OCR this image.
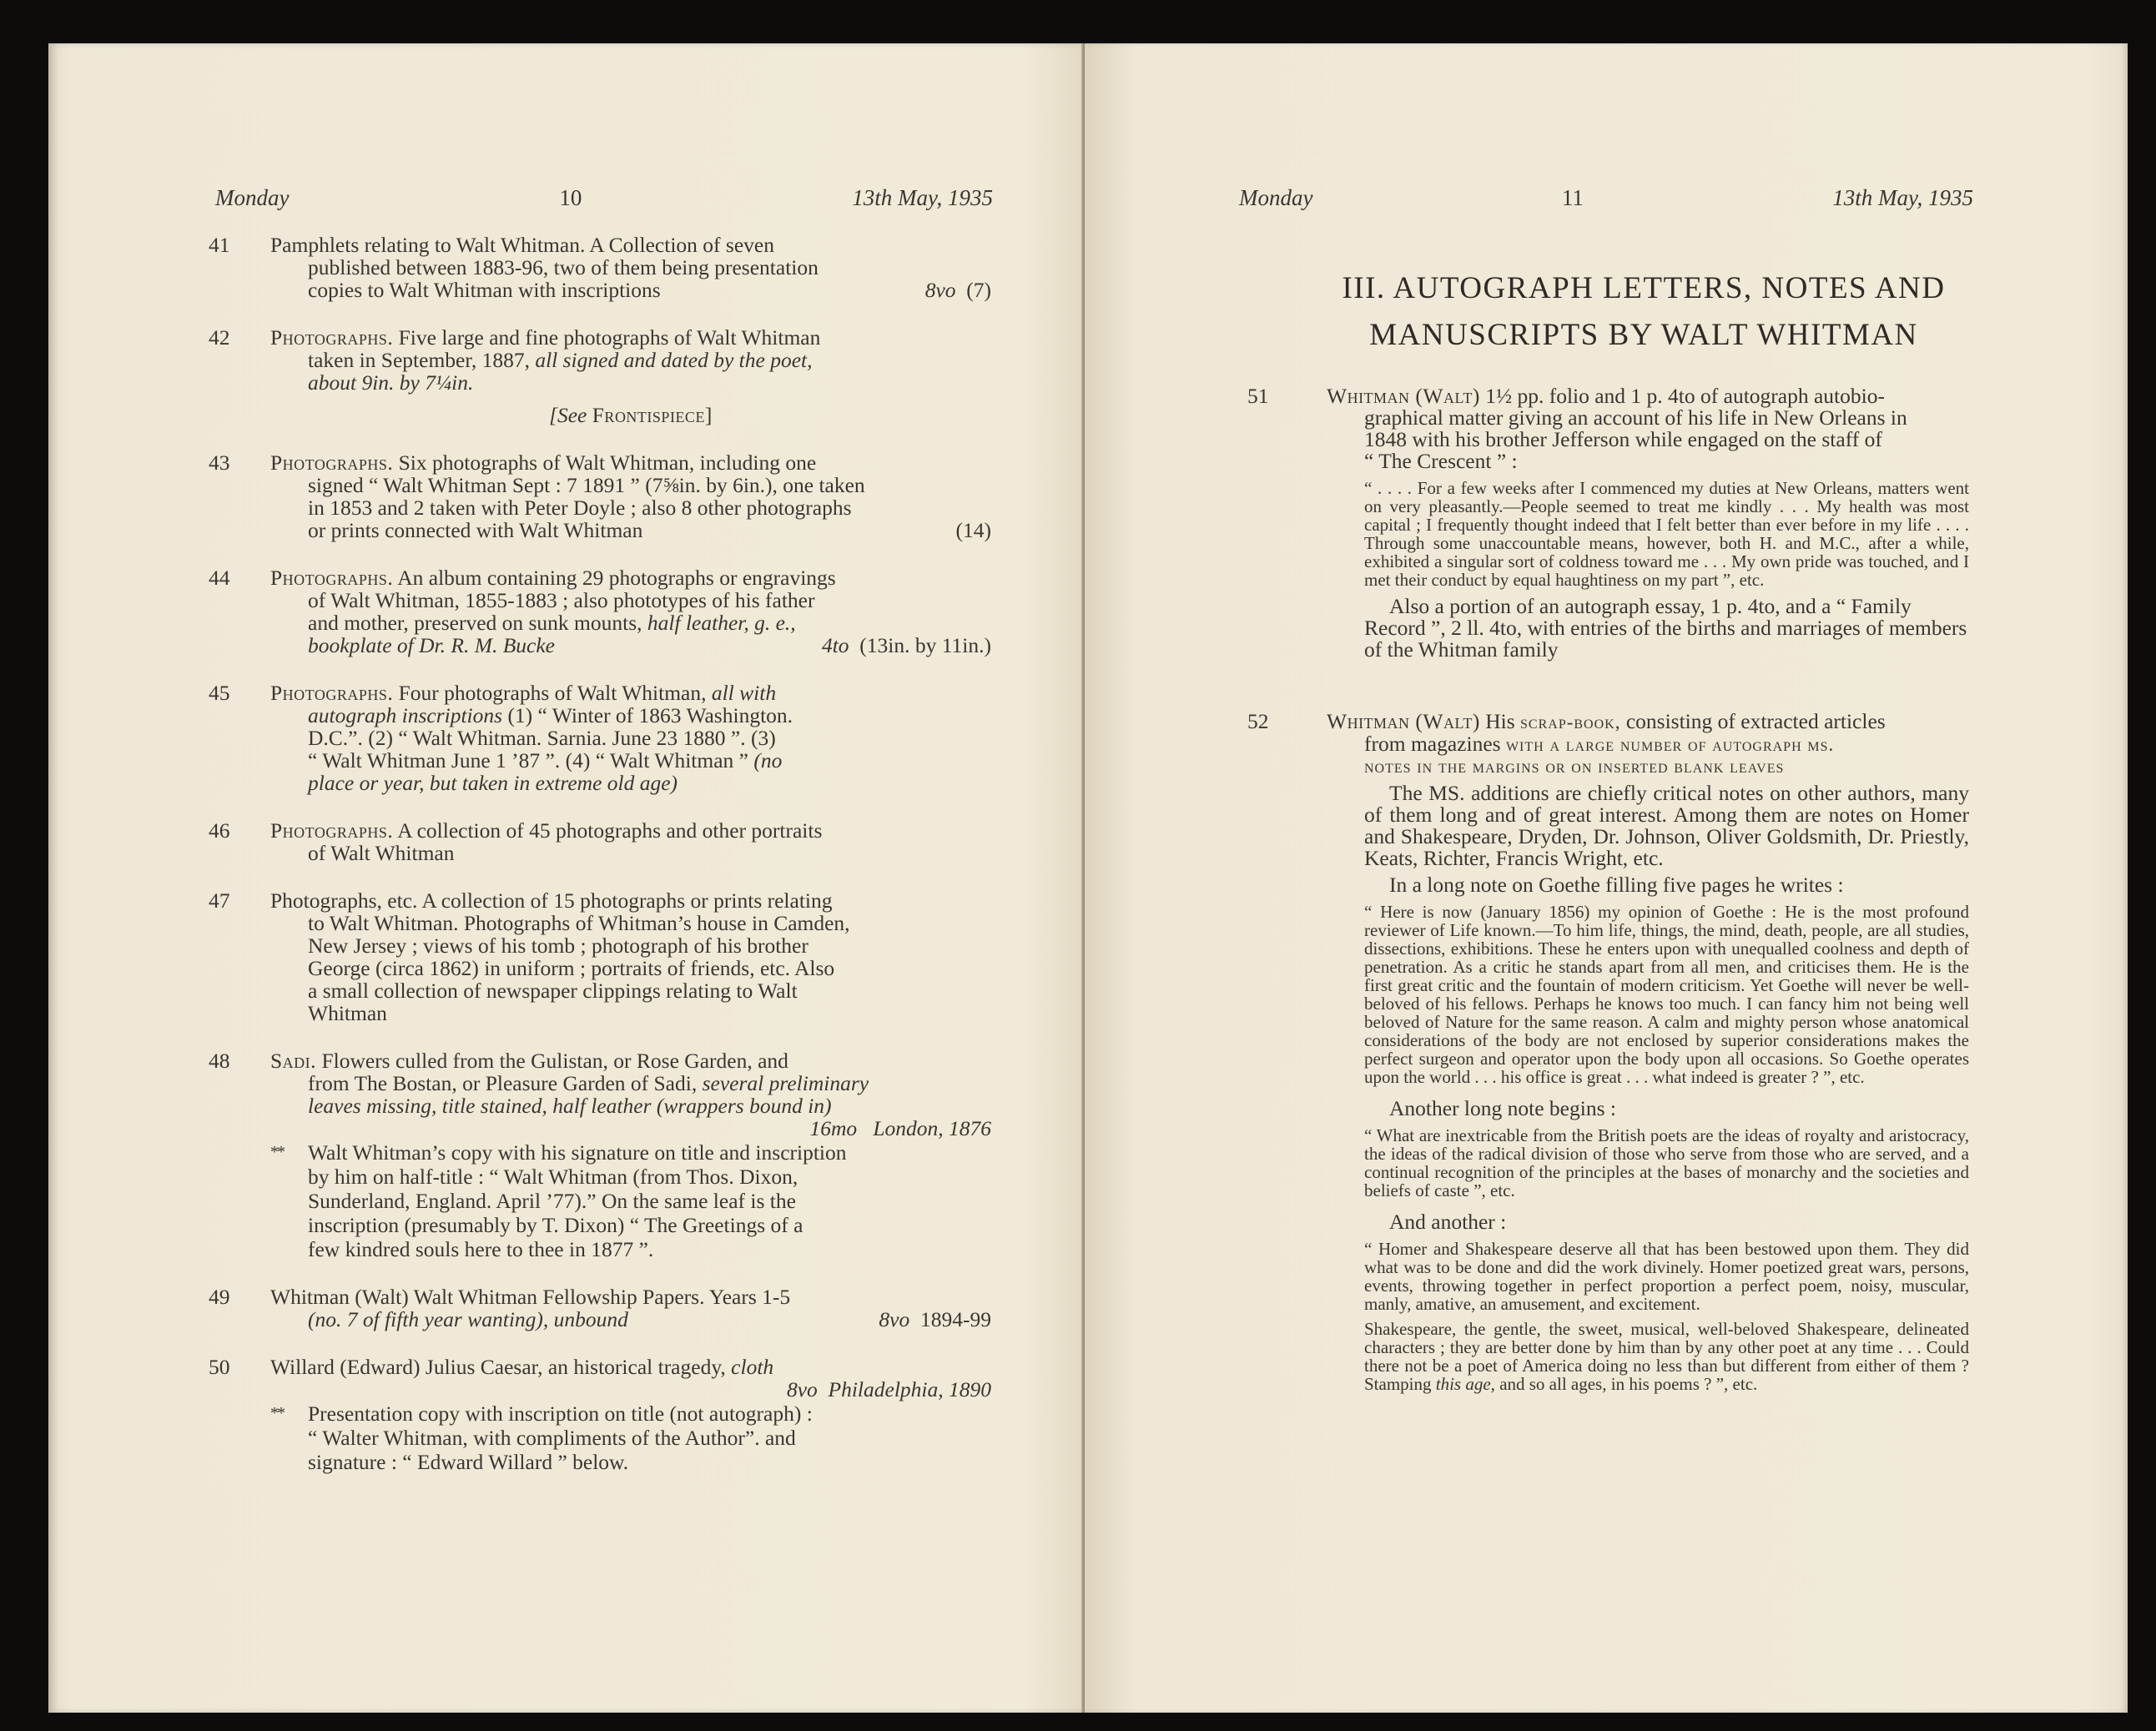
Monday	10	13th May, 1935
41	Pamphlets relating to Walt Whitman. A Collection of seven
published between 1883-96, two of them being presentation
copies to Walt Whitman with inscriptions	8vo (7)
42	Photographs. Five large and fine photographs of Walt Whitman
taken in September, 1887, all signed and dated by the poet,
about 9in. by 7¼in.
[See Frontispiece]
43	Photographs. Six photographs of Walt Whitman, including one
signed “ Walt Whitman Sept : 7 1891 ” (7⅝in. by 6in.), one taken
in 1853 and 2 taken with Peter Doyle ; also 8 other photographs
or prints connected with Walt Whitman	(14)
44	Photographs. An album containing 29 photographs or engravings
of Walt Whitman, 1855-1883 ; also phototypes of his father
and mother, preserved on sunk mounts, half leather, g. e.,
bookplate of Dr. R. M. Bucke	4to (13in. by 11in.)
45	Photographs. Four photographs of Walt Whitman, all with
autograph inscriptions (1) “ Winter of 1863 Washington.
D.C.”. (2) “ Walt Whitman. Sarnia. June 23 1880 ”. (3)
“ Walt Whitman June 1 ’87 ”. (4) “ Walt Whitman ” (no
place or year, but taken in extreme old age)
46	Photographs. A collection of 45 photographs and other portraits
of Walt Whitman
47	Photographs, etc. A collection of 15 photographs or prints relating
to Walt Whitman. Photographs of Whitman’s house in Camden,
New Jersey ; views of his tomb ; photograph of his brother
George (circa 1862) in uniform ; portraits of friends, etc. Also
a small collection of newspaper clippings relating to Walt
Whitman
48	Sadi. Flowers culled from the Gulistan, or Rose Garden, and
from The Bostan, or Pleasure Garden of Sadi, several preliminary
leaves missing, title stained, half leather (wrappers bound in)
16mo London, 1876
** Walt Whitman’s copy with his signature on title and inscription
by him on half-title : “ Walt Whitman (from Thos. Dixon,
Sunderland, England. April ’77).” On the same leaf is the
inscription (presumably by T. Dixon) “ The Greetings of a
few kindred souls here to thee in 1877 ”.
49	Whitman (Walt) Walt Whitman Fellowship Papers. Years 1-5
(no. 7 of fifth year wanting), unbound	8vo 1894-99
50	Willard (Edward) Julius Caesar, an historical tragedy, cloth
8vo Philadelphia, 1890
** Presentation copy with inscription on title (not autograph) :
“ Walter Whitman, with compliments of the Author”. and
signature : “ Edward Willard ” below.
Monday	11	13th May, 1935
III. AUTOGRAPH LETTERS, NOTES AND
MANUSCRIPTS BY WALT WHITMAN
51	Whitman (Walt) 1½ pp. folio and 1 p. 4to of autograph autobio-
graphical matter giving an account of his life in New Orleans in
1848 with his brother Jefferson while engaged on the staff of
“ The Crescent ” :
“ . . . . For a few weeks after I commenced my duties at New Orleans, matters went on very pleasantly.—People seemed to treat me kindly . . . My health was most capital ; I frequently thought indeed that I felt better than ever before in my life . . . . Through some unaccountable means, however, both H. and M.C., after a while, exhibited a singular sort of coldness toward me . . . My own pride was touched, and I met their conduct by equal haughtiness on my part ”, etc.
Also a portion of an autograph essay, 1 p. 4to, and a “ Family Record ”, 2 ll. 4to, with entries of the births and marriages of members of the Whitman family
52	Whitman (Walt) His scrap-book, consisting of extracted articles
from magazines with a large number of autograph ms.
notes in the margins or on inserted blank leaves
The MS. additions are chiefly critical notes on other authors, many of them long and of great interest. Among them are notes on Homer and Shakespeare, Dryden, Dr. Johnson, Oliver Goldsmith, Dr. Priestly, Keats, Richter, Francis Wright, etc.
In a long note on Goethe filling five pages he writes :
“ Here is now (January 1856) my opinion of Goethe : He is the most profound reviewer of Life known.—To him life, things, the mind, death, people, are all studies, dissections, exhibitions. These he enters upon with unequalled coolness and depth of penetration. As a critic he stands apart from all men, and criticises them. He is the first great critic and the fountain of modern criticism. Yet Goethe will never be well-beloved of his fellows. Perhaps he knows too much. I can fancy him not being well beloved of Nature for the same reason. A calm and mighty person whose anatomical considerations of the body are not enclosed by superior considerations makes the perfect surgeon and operator upon the body upon all occasions. So Goethe operates upon the world . . . his office is great . . . what indeed is greater ? ”, etc.
Another long note begins :
“ What are inextricable from the British poets are the ideas of royalty and aristocracy, the ideas of the radical division of those who serve from those who are served, and a continual recognition of the principles at the bases of monarchy and the societies and beliefs of caste ”, etc.
And another :
“ Homer and Shakespeare deserve all that has been bestowed upon them. They did what was to be done and did the work divinely. Homer poetized great wars, persons, events, throwing together in perfect proportion a perfect poem, noisy, muscular, manly, amative, an amusement, and excitement.
Shakespeare, the gentle, the sweet, musical, well-beloved Shakespeare, delineated characters ; they are better done by him than by any other poet at any time . . . Could there not be a poet of America doing no less than but different from either of them ? Stamping this age, and so all ages, in his poems ? ”, etc.
